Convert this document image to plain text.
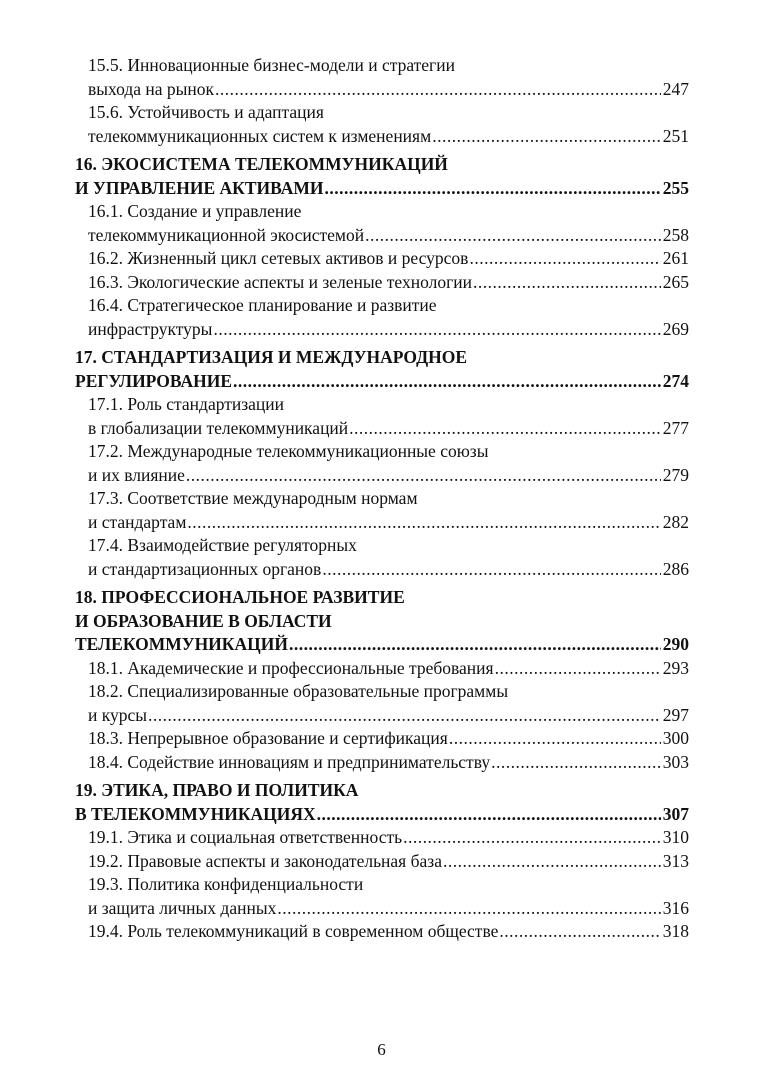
15.5. Инновационные бизнес-модели и стратегии
выхода на рынок .....	247
15.6. Устойчивость и адаптация
телекоммуникационных систем к изменениям .....	251
16. ЭКОСИСТЕМА ТЕЛЕКОММУНИКАЦИЙ
И УПРАВЛЕНИЕ АКТИВАМИ .....	255
16.1. Создание и управление
телекоммуникационной экосистемой .....	258
16.2. Жизненный цикл сетевых активов и ресурсов .....	261
16.3. Экологические аспекты и зеленые технологии .....	265
16.4. Стратегическое планирование и развитие
инфраструктуры .....	269
17. СТАНДАРТИЗАЦИЯ И МЕЖДУНАРОДНОЕ
РЕГУЛИРОВАНИЕ .....	274
17.1. Роль стандартизации
в глобализации телекоммуникаций .....	277
17.2. Международные телекоммуникационные союзы
и их влияние .....	279
17.3. Соответствие международным нормам
и стандартам .....	282
17.4. Взаимодействие регуляторных
и стандартизационных органов .....	286
18. ПРОФЕССИОНАЛЬНОЕ РАЗВИТИЕ
И ОБРАЗОВАНИЕ В ОБЛАСТИ
ТЕЛЕКОММУНИКАЦИЙ .....	290
18.1. Академические и профессиональные требования .....	293
18.2. Специализированные образовательные программы
и курсы .....	297
18.3. Непрерывное образование и сертификация .....	300
18.4. Содействие инновациям и предпринимательству .....	303
19. ЭТИКА, ПРАВО И ПОЛИТИКА
В ТЕЛЕКОММУНИКАЦИЯХ .....	307
19.1. Этика и социальная ответственность .....	310
19.2. Правовые аспекты и законодательная база .....	313
19.3. Политика конфиденциальности
и защита личных данных .....	316
19.4. Роль телекоммуникаций в современном обществе .....	318
6
